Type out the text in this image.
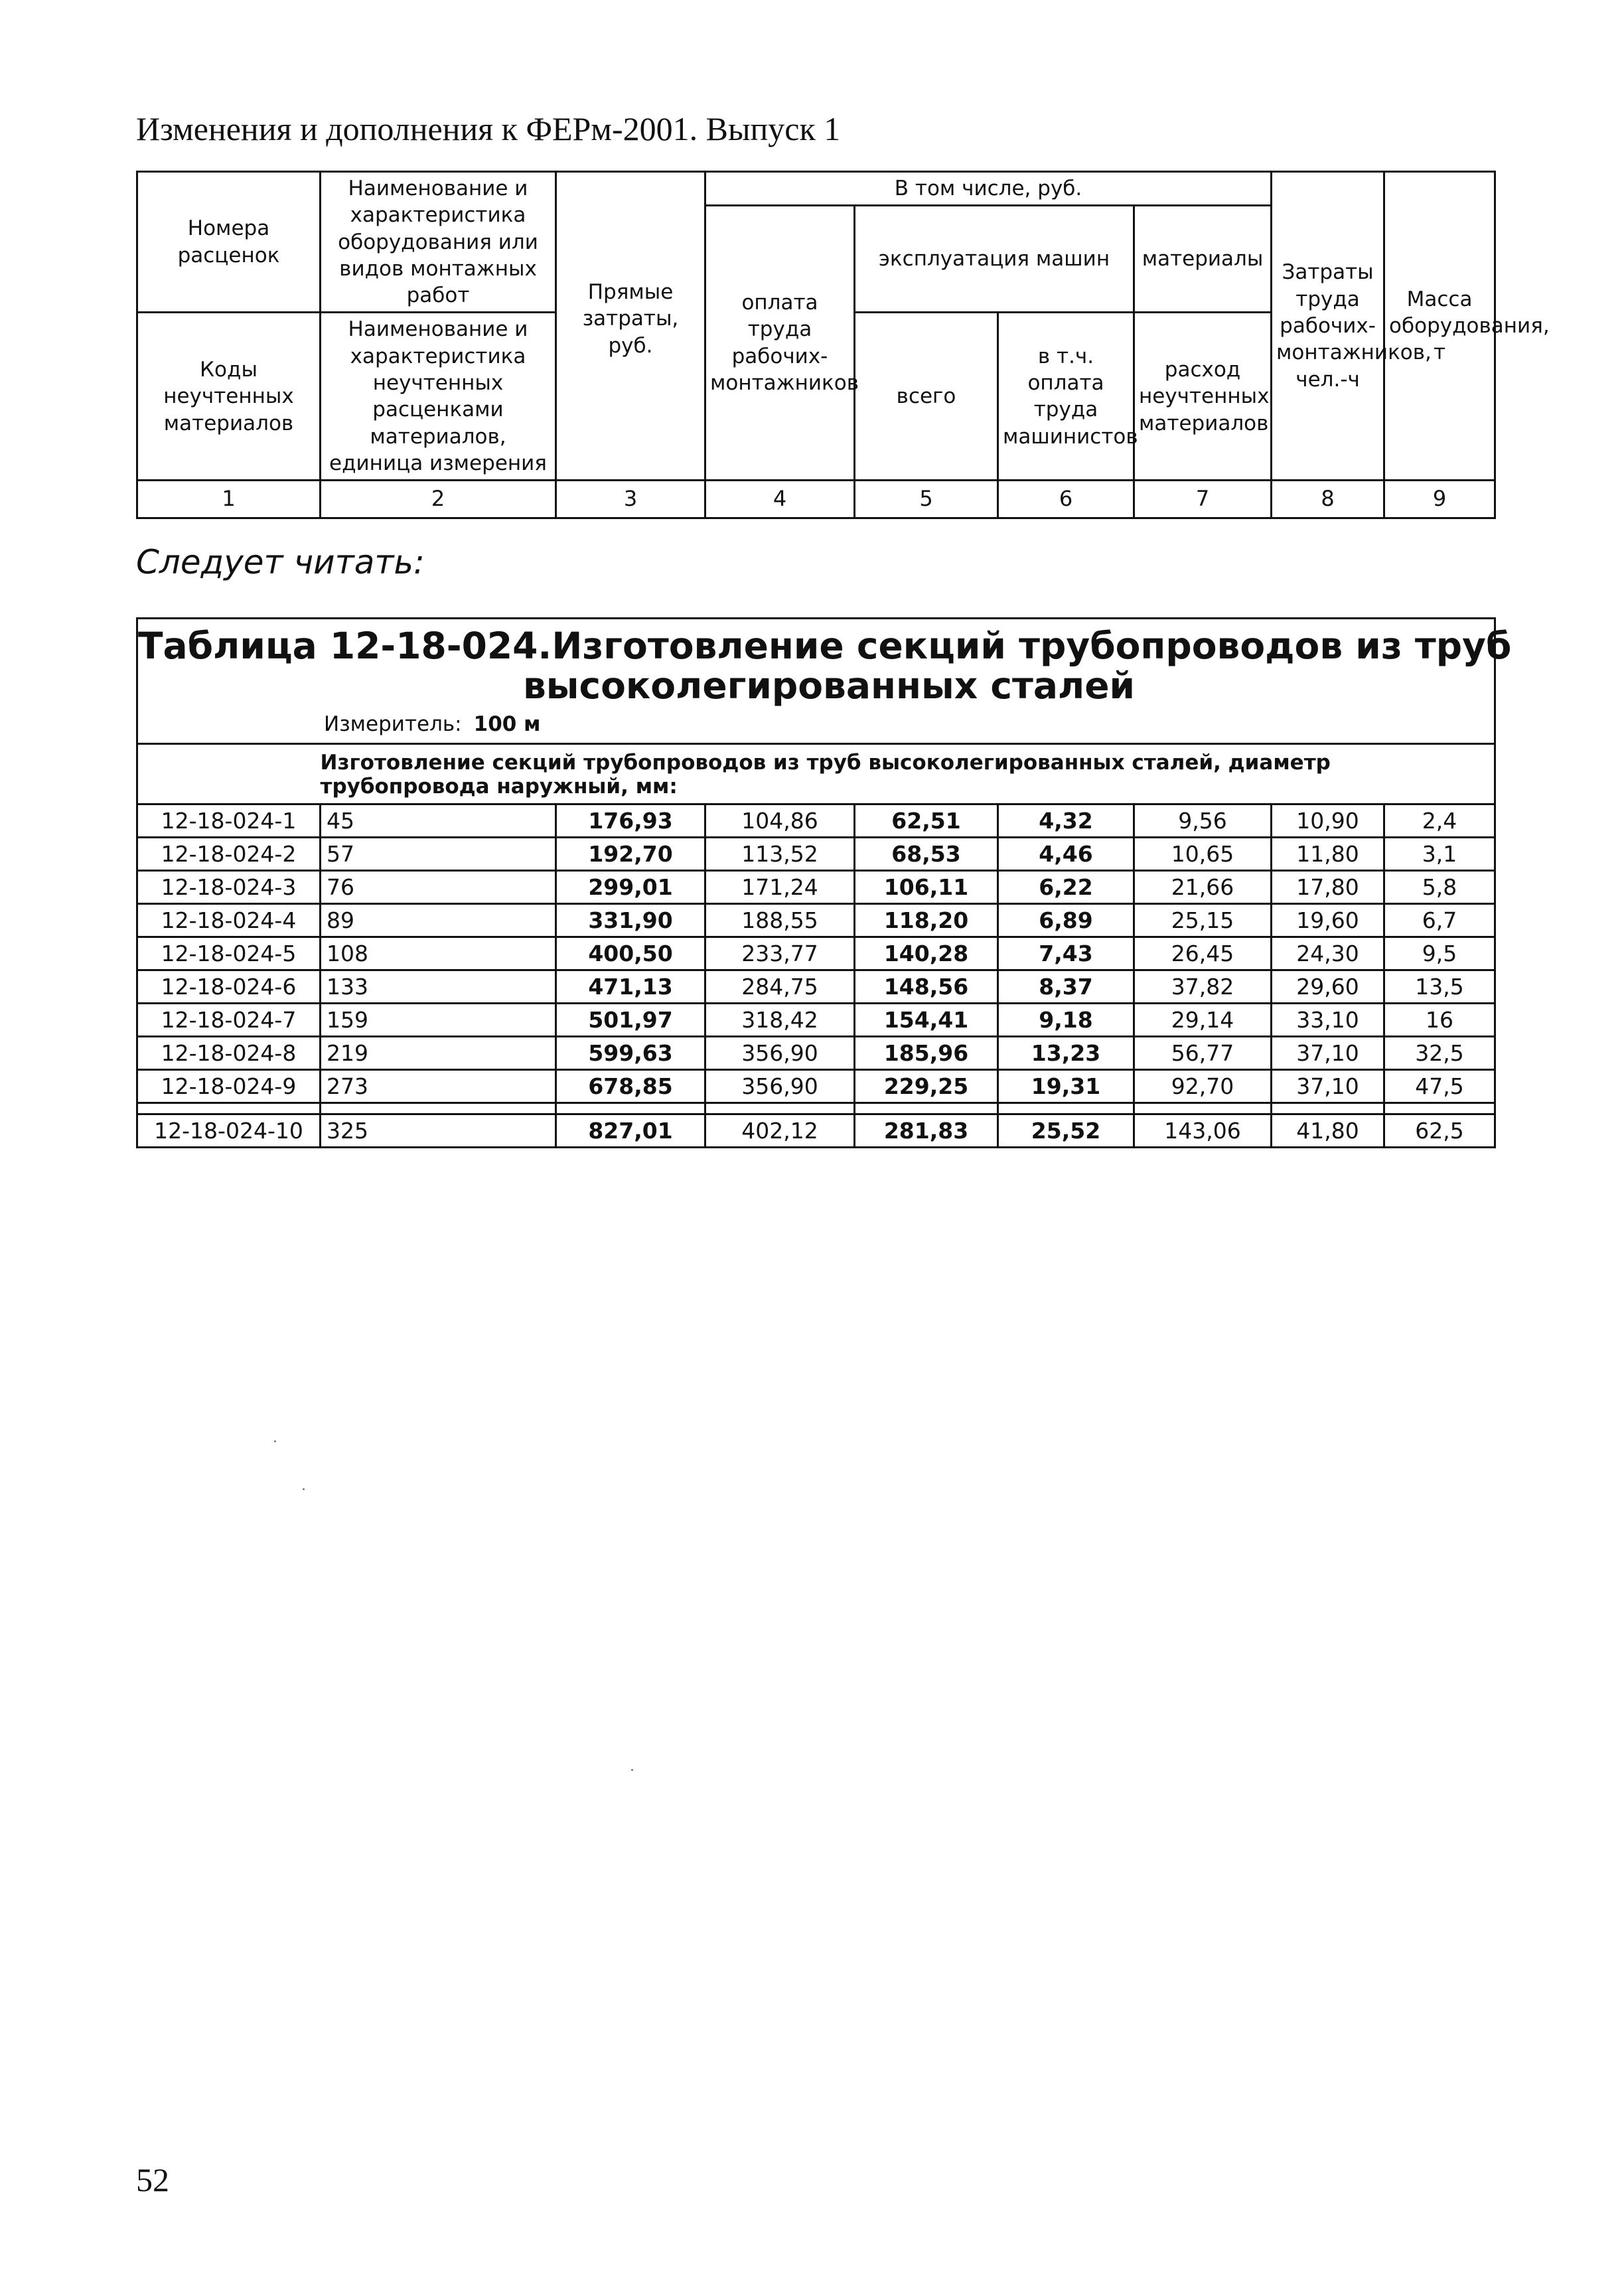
Изменения и дополнения к ФЕРм-2001. Выпуск 1
Номера расценок	Наименование и характеристика оборудования или видов монтажных работ	Прямые затраты, руб.	В том числе, руб.				Затраты труда рабочих-монтажников, чел.-ч	Масса оборудования, т
			оплата труда рабочих-монтажников	эксплуатация машин		материалы		
Коды неучтенных материалов	Наименование и характеристика неучтенных расценками материалов, единица измерения			всего	в т.ч. оплата труда машинистов	расход неучтенных материалов		

1	2	3	4	5	6	7	8	9
Следует читать:
Таблица 12-18-024.Изготовление секций трубопроводов из труб
высоколегированных сталей
Измеритель: 100 м								

	Изготовление секций трубопроводов из труб высоколегированных сталей, диаметр трубопровода наружный, мм:							

12-18-024-1	45	176,93	104,86	62,51	4,32	9,56	10,90	2,4
12-18-024-2	57	192,70	113,52	68,53	4,46	10,65	11,80	3,1
12-18-024-3	76	299,01	171,24	106,11	6,22	21,66	17,80	5,8
12-18-024-4	89	331,90	188,55	118,20	6,89	25,15	19,60	6,7
12-18-024-5	108	400,50	233,77	140,28	7,43	26,45	24,30	9,5
12-18-024-6	133	471,13	284,75	148,56	8,37	37,82	29,60	13,5
12-18-024-7	159	501,97	318,42	154,41	9,18	29,14	33,10	16
12-18-024-8	219	599,63	356,90	185,96	13,23	56,77	37,10	32,5
12-18-024-9	273	678,85	356,90	229,25	19,31	92,70	37,10	47,5

12-18-024-10	325	827,01	402,12	281,83	25,52	143,06	41,80	62,5
52
